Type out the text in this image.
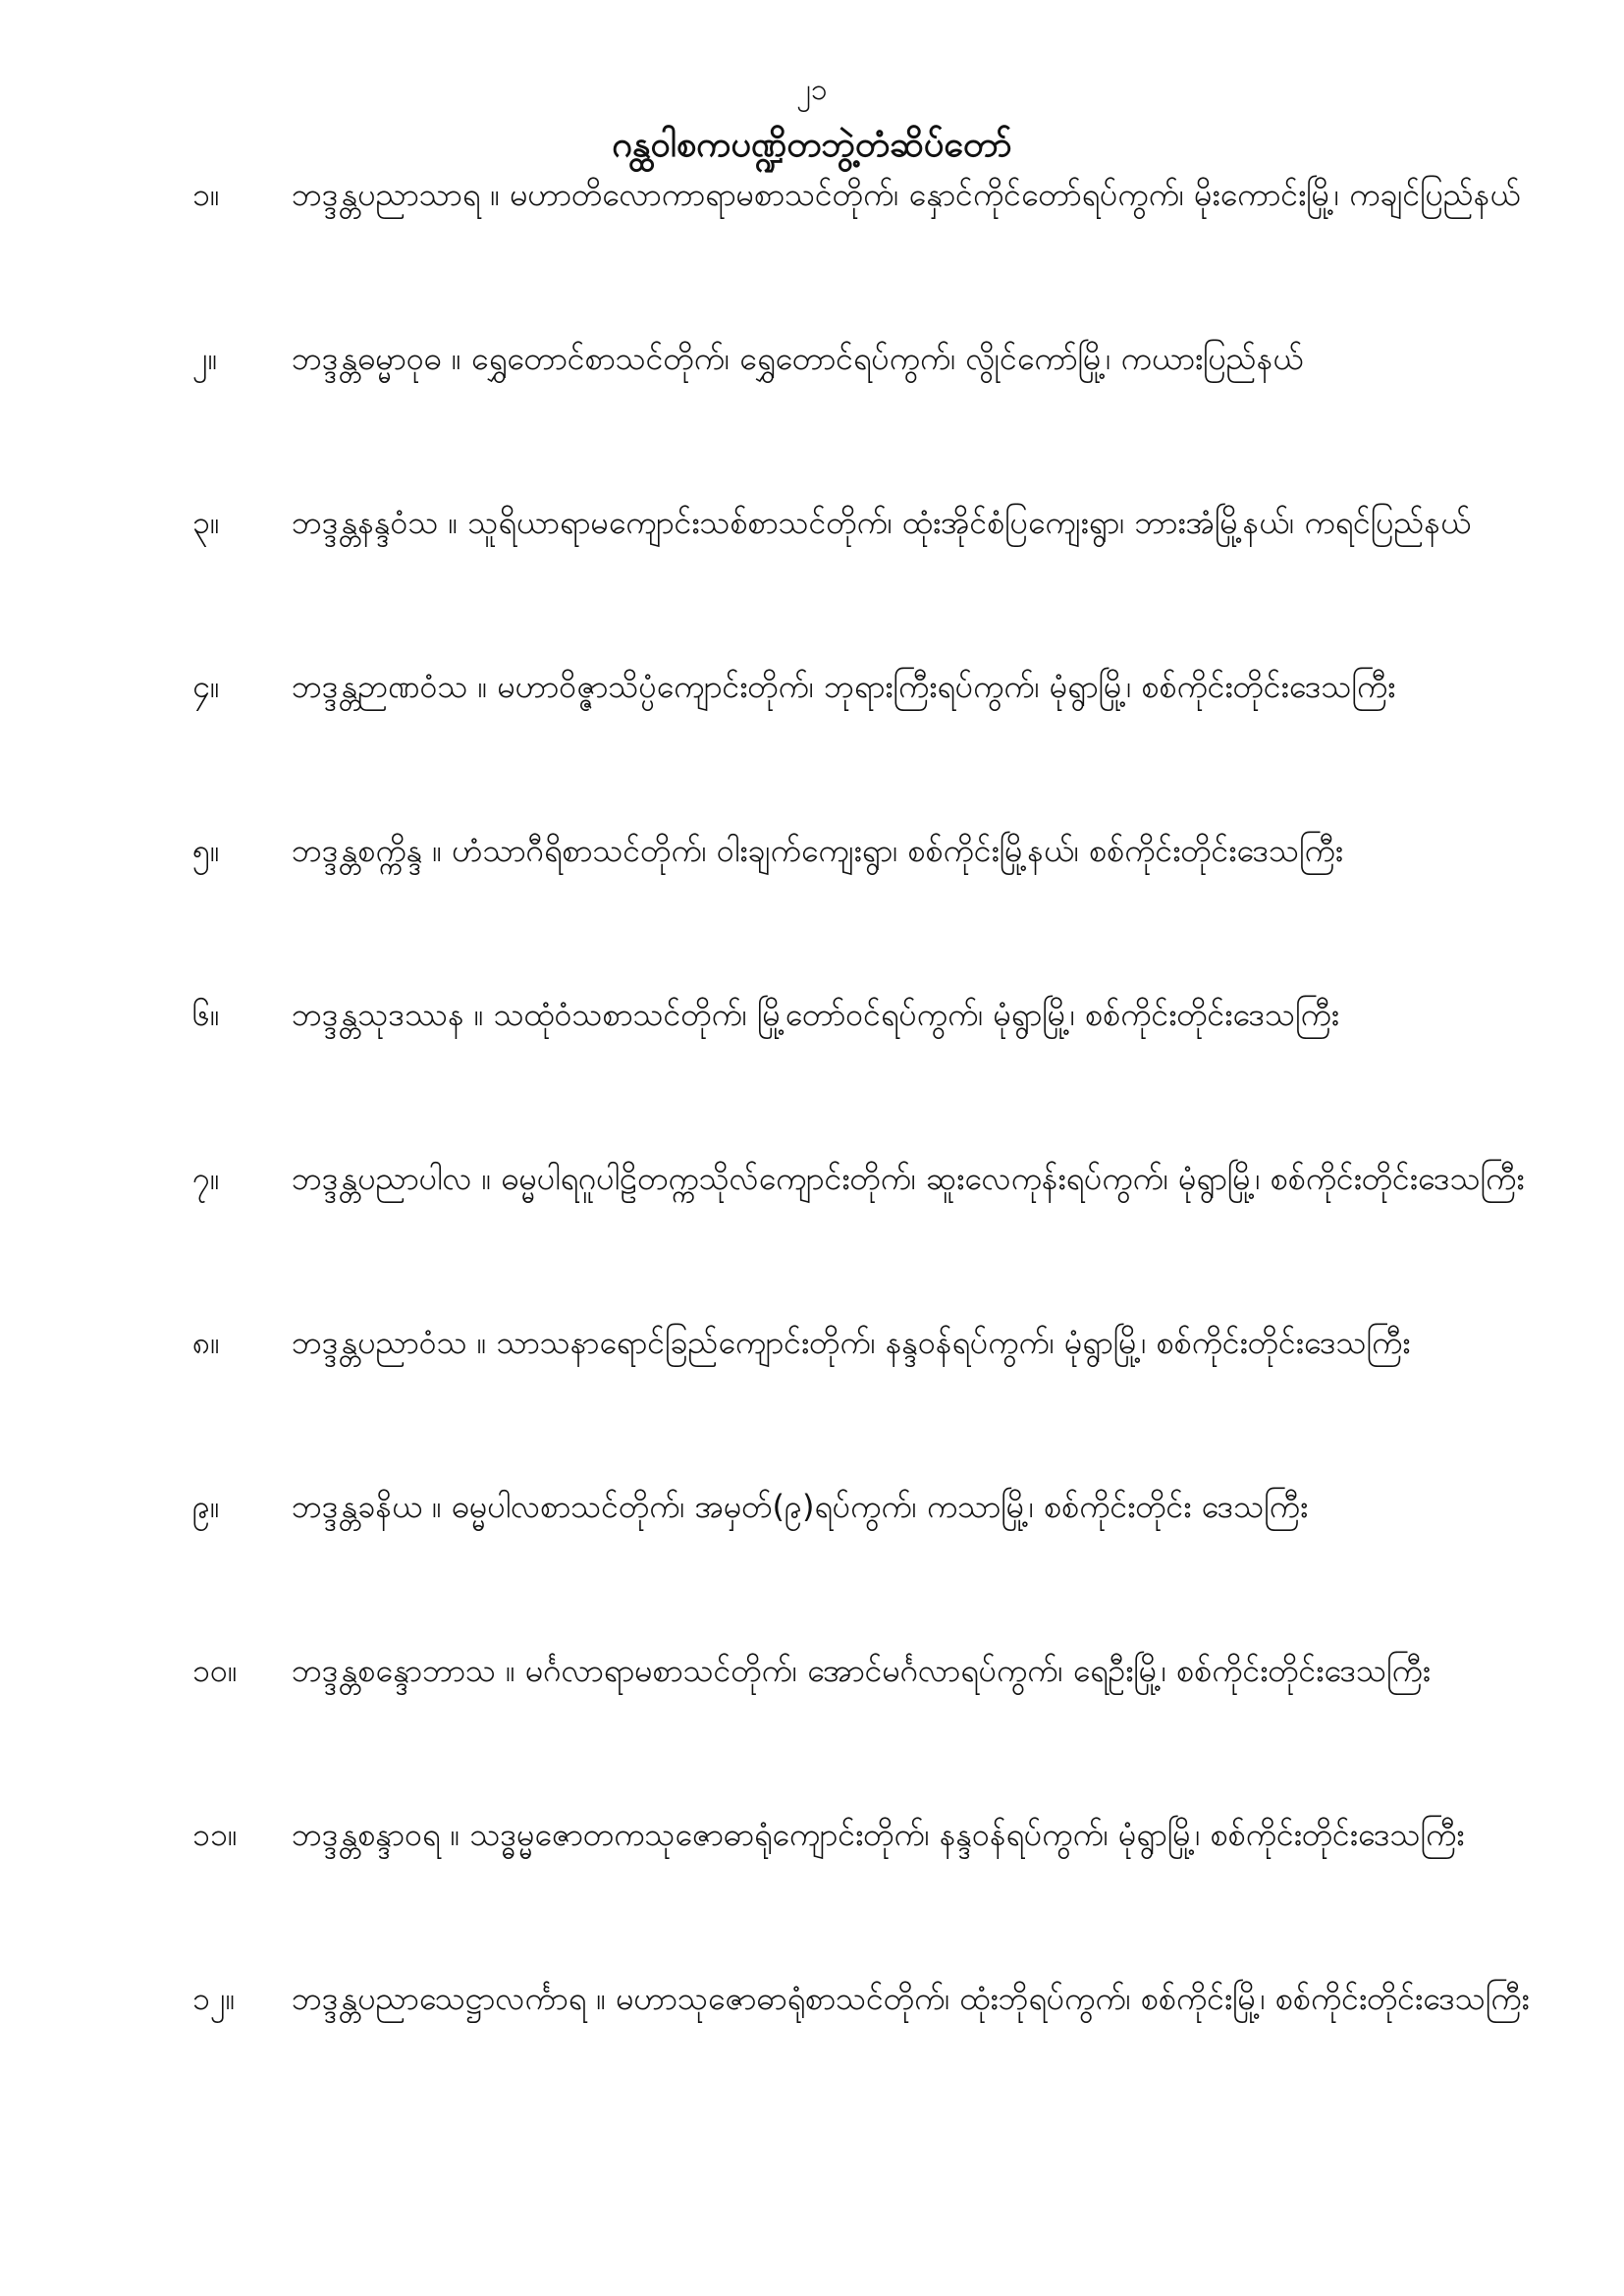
၂၁
ဂန္ထဝါစကပဏ္ဍိတဘွဲ့တံဆိပ်တော်
၁။	ဘဒ္ဒန္တပညာသာရ ။ မဟာတိလောကာရာမစာသင်တိုက်၊ နှောင်ကိုင်တော်ရပ်ကွက်၊ မိုးကောင်းမြို့၊ ကချင်ပြည်နယ်

၂။	ဘဒ္ဒန္တဓမ္မာဝုဓ ။ ရွှေတောင်စာသင်တိုက်၊ ရွှေတောင်ရပ်ကွက်၊ လွိုင်ကော်မြို့၊ ကယားပြည်နယ်

၃။	ဘဒ္ဒန္တနန္ဒဝံသ ။ သူရိယာရာမကျောင်းသစ်စာသင်တိုက်၊ ထုံးအိုင်စံပြကျေးရွာ၊ ဘားအံမြို့နယ်၊ ကရင်ပြည်နယ်

၄။	ဘဒ္ဒန္တဉာဏဝံသ ။ မဟာဝိဇ္ဇာသိပ္ပံကျောင်းတိုက်၊ ဘုရားကြီးရပ်ကွက်၊ မုံရွာမြို့၊ စစ်ကိုင်းတိုင်းဒေသကြီး

၅။	ဘဒ္ဒန္တစက္ကိန္ဒ ။ ဟံသာဂီရိစာသင်တိုက်၊ ဝါးချက်ကျေးရွာ၊ စစ်ကိုင်းမြို့နယ်၊ စစ်ကိုင်းတိုင်းဒေသကြီး

၆။	ဘဒ္ဒန္တသုဒဿန ။ သထုံဝံသစာသင်တိုက်၊ မြို့တော်ဝင်ရပ်ကွက်၊ မုံရွာမြို့၊ စစ်ကိုင်းတိုင်းဒေသကြီး

၇။	ဘဒ္ဒန္တပညာပါလ ။ ဓမ္မပါရဂူပါဠိတက္ကသိုလ်ကျောင်းတိုက်၊ ဆူးလေကုန်းရပ်ကွက်၊ မုံရွာမြို့၊ စစ်ကိုင်းတိုင်းဒေသကြီး

၈။	ဘဒ္ဒန္တပညာဝံသ ။ သာသနာရောင်ခြည်ကျောင်းတိုက်၊ နန္ဒဝန်ရပ်ကွက်၊ မုံရွာမြို့၊ စစ်ကိုင်းတိုင်းဒေသကြီး

၉။	ဘဒ္ဒန္တခနိယ ။ ဓမ္မပါလစာသင်တိုက်၊ အမှတ်(၉)ရပ်ကွက်၊ ကသာမြို့၊ စစ်ကိုင်းတိုင်း ဒေသကြီး

၁၀။	ဘဒ္ဒန္တစန္ဒောဘာသ ။ မင်္ဂလာရာမစာသင်တိုက်၊ အောင်မင်္ဂလာရပ်ကွက်၊ ရေဦးမြို့၊ စစ်ကိုင်းတိုင်းဒေသကြီး

၁၁။	ဘဒ္ဒန္တစန္ဒာဝရ ။ သဒ္ဓမ္မဇောတကသုဇောဓာရုံကျောင်းတိုက်၊ နန္ဒဝန်ရပ်ကွက်၊ မုံရွာမြို့၊ စစ်ကိုင်းတိုင်းဒေသကြီး

၁၂။	ဘဒ္ဒန္တပညာသေဋ္ဌာလင်္ကာရ ။ မဟာသုဇောဓာရုံစာသင်တိုက်၊ ထုံးဘိုရပ်ကွက်၊ စစ်ကိုင်းမြို့၊ စစ်ကိုင်းတိုင်းဒေသကြီး
